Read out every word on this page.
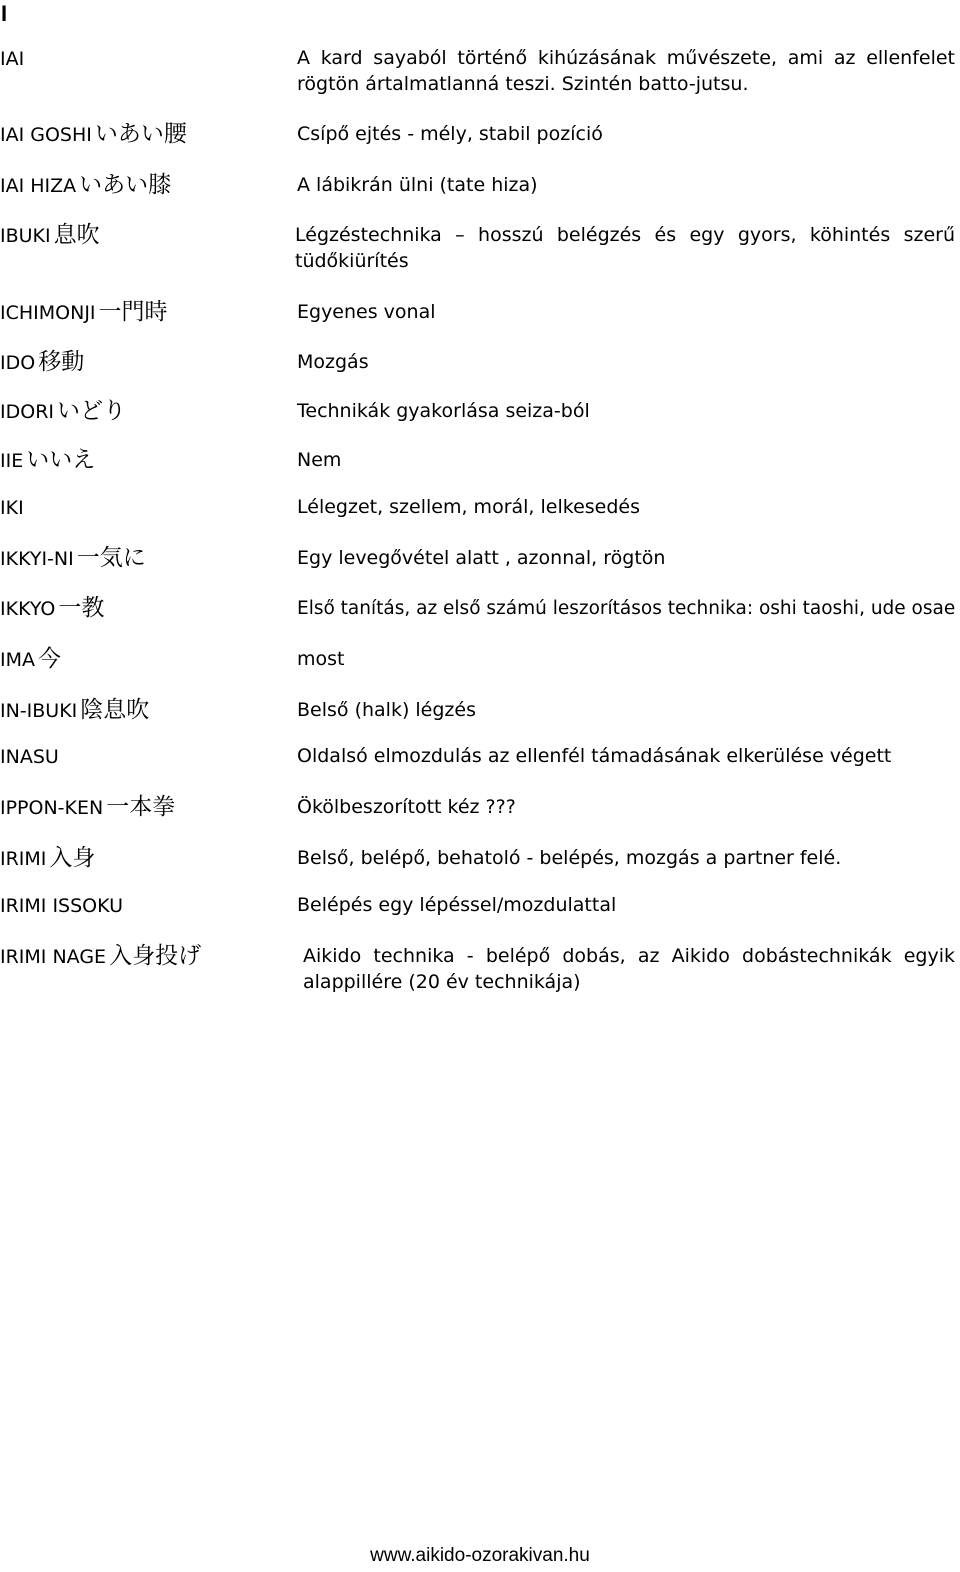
I
IAI	A kard sayaból történő kihúzásának művészete, ami az ellenfelet rögtön ártalmatlanná teszi. Szintén batto-jutsu.
IAI GOSHI いあい腰	Csípő ejtés - mély, stabil pozíció
IAI HIZA いあい膝	A lábikrán ülni (tate hiza)
IBUKI 息吹	Légzéstechnika – hosszú belégzés és egy gyors, köhintés szerű tüdőkiürítés
ICHIMONJI 一門時	Egyenes vonal
IDO 移動	Mozgás
IDORI いどり	Technikák gyakorlása seiza-ból
IIE いいえ	Nem
IKI	Lélegzet, szellem, morál, lelkesedés
IKKYI-NI 一気に	Egy levegővétel alatt , azonnal, rögtön
IKKYO 一教	Első tanítás, az első számú leszorításos technika: oshi taoshi, ude osae
IMA 今	most
IN-IBUKI 陰息吹	Belső (halk) légzés
INASU	Oldalsó elmozdulás az ellenfél támadásának elkerülése végett
IPPON-KEN 一本拳	Ökölbeszorított kéz ???
IRIMI 入身	Belső, belépő, behatoló - belépés, mozgás a partner felé.
IRIMI ISSOKU	Belépés egy lépéssel/mozdulattal
IRIMI NAGE 入身投げ	Aikido technika - belépő dobás, az Aikido dobástechnikák egyik alappillére (20 év technikája)
www.aikido-ozorakivan.hu
